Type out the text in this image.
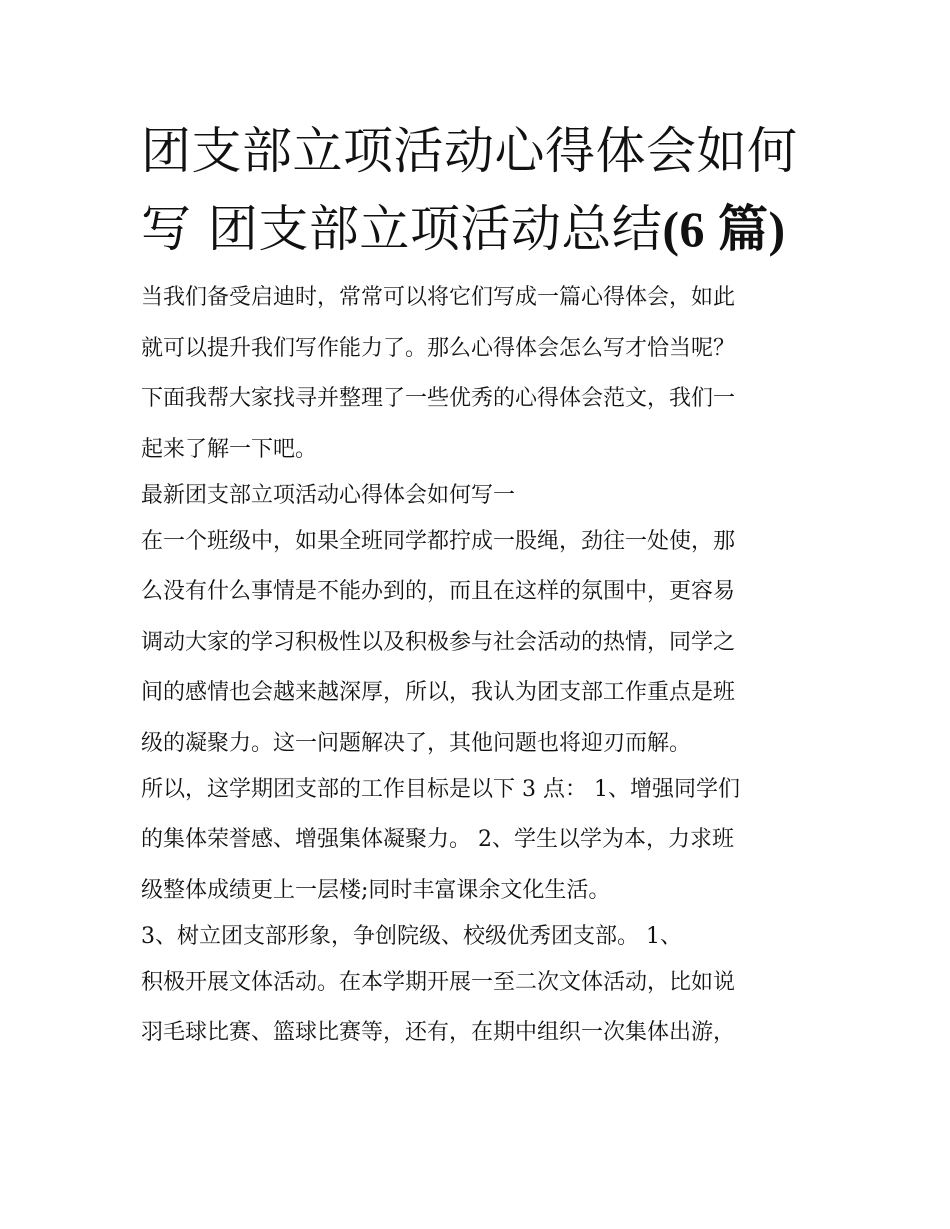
团支部立项活动心得体会如何
写 团支部立项活动总结(6 篇)
当我们备受启迪时，常常可以将它们写成一篇心得体会，如此
就可以提升我们写作能力了。那么心得体会怎么写才恰当呢？
下面我帮大家找寻并整理了一些优秀的心得体会范文，我们一
起来了解一下吧。
最新团支部立项活动心得体会如何写一
在一个班级中，如果全班同学都拧成一股绳，劲往一处使，那
么没有什么事情是不能办到的，而且在这样的氛围中，更容易
调动大家的学习积极性以及积极参与社会活动的热情，同学之
间的感情也会越来越深厚，所以，我认为团支部工作重点是班
级的凝聚力。这一问题解决了，其他问题也将迎刃而解。
所以，这学期团支部的工作目标是以下 3 点： 1、增强同学们
的集体荣誉感、增强集体凝聚力。 2、学生以学为本，力求班
级整体成绩更上一层楼;同时丰富课余文化生活。
3、树立团支部形象，争创院级、校级优秀团支部。 1、
积极开展文体活动。在本学期开展一至二次文体活动，比如说
羽毛球比赛、篮球比赛等，还有，在期中组织一次集体出游，
